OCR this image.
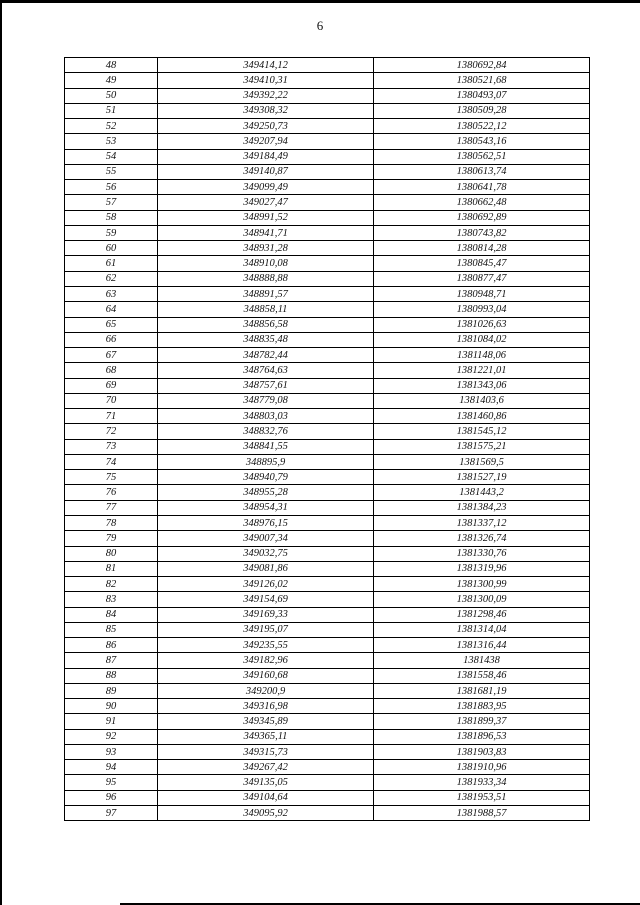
6
48	349414,12	1380692,84
49	349410,31	1380521,68
50	349392,22	1380493,07
51	349308,32	1380509,28
52	349250,73	1380522,12
53	349207,94	1380543,16
54	349184,49	1380562,51
55	349140,87	1380613,74
56	349099,49	1380641,78
57	349027,47	1380662,48
58	348991,52	1380692,89
59	348941,71	1380743,82
60	348931,28	1380814,28
61	348910,08	1380845,47
62	348888,88	1380877,47
63	348891,57	1380948,71
64	348858,11	1380993,04
65	348856,58	1381026,63
66	348835,48	1381084,02
67	348782,44	1381148,06
68	348764,63	1381221,01
69	348757,61	1381343,06
70	348779,08	1381403,6
71	348803,03	1381460,86
72	348832,76	1381545,12
73	348841,55	1381575,21
74	348895,9	1381569,5
75	348940,79	1381527,19
76	348955,28	1381443,2
77	348954,31	1381384,23
78	348976,15	1381337,12
79	349007,34	1381326,74
80	349032,75	1381330,76
81	349081,86	1381319,96
82	349126,02	1381300,99
83	349154,69	1381300,09
84	349169,33	1381298,46
85	349195,07	1381314,04
86	349235,55	1381316,44
87	349182,96	1381438
88	349160,68	1381558,46
89	349200,9	1381681,19
90	349316,98	1381883,95
91	349345,89	1381899,37
92	349365,11	1381896,53
93	349315,73	1381903,83
94	349267,42	1381910,96
95	349135,05	1381933,34
96	349104,64	1381953,51
97	349095,92	1381988,57
